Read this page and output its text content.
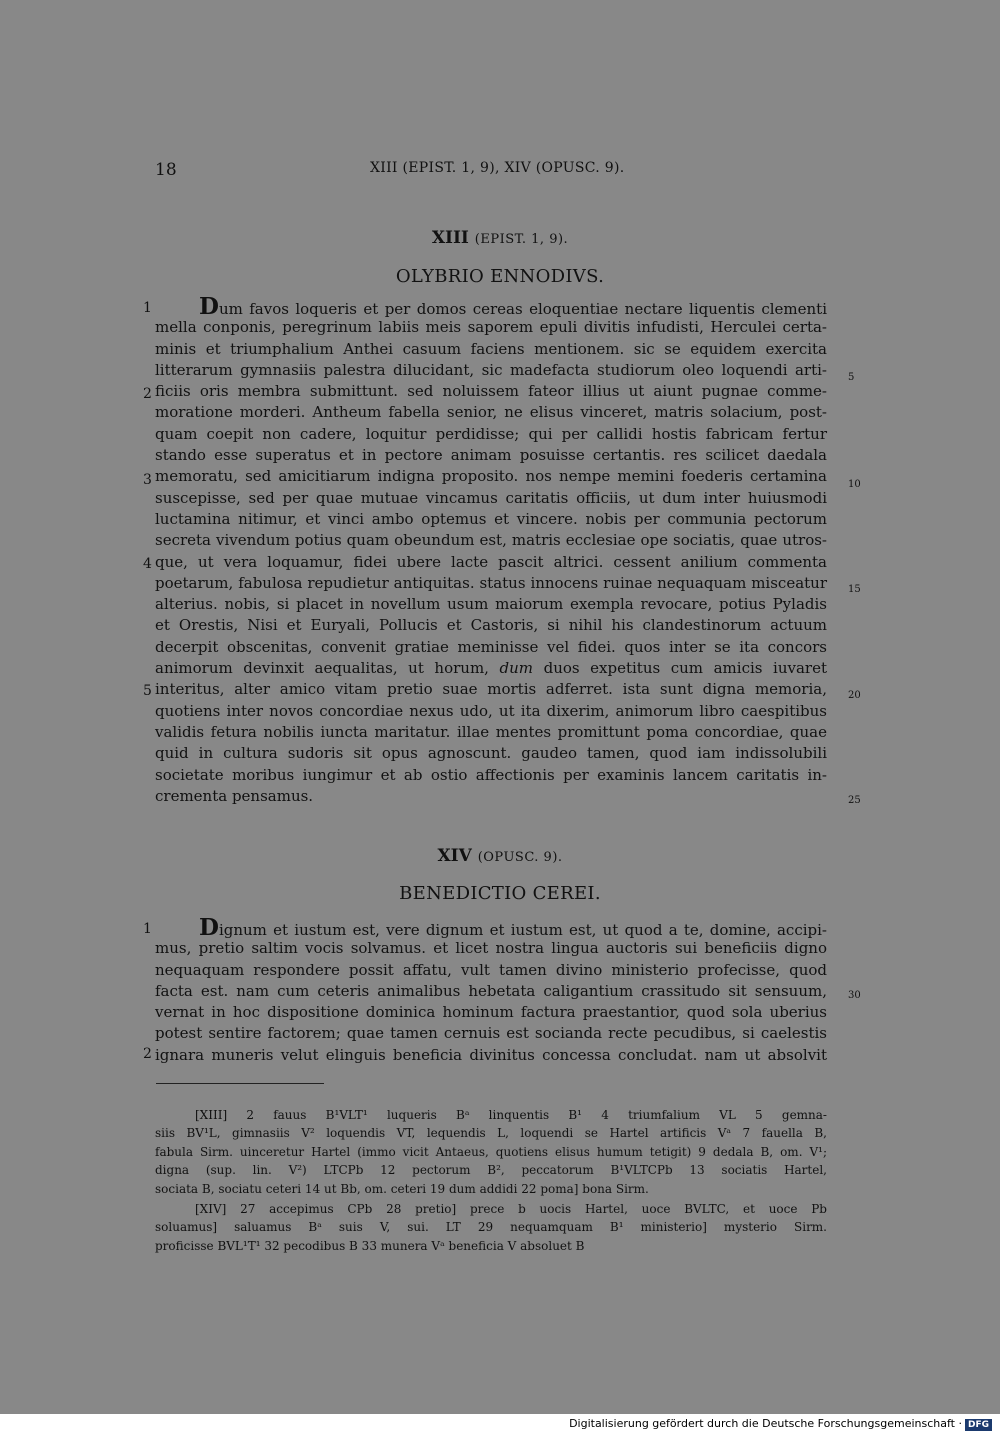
18	XIII (EPIST. 1, 9), XIV (OPUSC. 9).
XIII (EPIST. 1, 9).
OLYBRIO ENNODIVS.
1
2
3
4
5
5
10
15
20
25
Dum favos loqueris et per domos cereas eloquentiae nectare liquentis clementi
mella conponis, peregrinum labiis meis saporem epuli divitis infudisti, Herculei certa-
minis et triumphalium Anthei casuum faciens mentionem. sic se equidem exercita
litterarum gymnasiis palestra dilucidant, sic madefacta studiorum oleo loquendi arti-
ficiis oris membra submittunt. sed noluissem fateor illius ut aiunt pugnae comme-
moratione morderi. Antheum fabella senior, ne elisus vinceret, matris solacium, post-
quam coepit non cadere, loquitur perdidisse; qui per callidi hostis fabricam fertur
stando esse superatus et in pectore animam posuisse certantis. res scilicet daedala
memoratu, sed amicitiarum indigna proposito. nos nempe memini foederis certamina
suscepisse, sed per quae mutuae vincamus caritatis officiis, ut dum inter huiusmodi
luctamina nitimur, et vinci ambo optemus et vincere. nobis per communia pectorum
secreta vivendum potius quam obeundum est, matris ecclesiae ope sociatis, quae utros-
que, ut vera loquamur, fidei ubere lacte pascit altrici. cessent anilium commenta
poetarum, fabulosa repudietur antiquitas. status innocens ruinae nequaquam misceatur
alterius. nobis, si placet in novellum usum maiorum exempla revocare, potius Pyladis
et Orestis, Nisi et Euryali, Pollucis et Castoris, si nihil his clandestinorum actuum
decerpit obscenitas, convenit gratiae meminisse vel fidei. quos inter se ita concors
animorum devinxit aequalitas, ut horum, dum duos expetitus cum amicis iuvaret
interitus, alter amico vitam pretio suae mortis adferret. ista sunt digna memoria,
quotiens inter novos concordiae nexus udo, ut ita dixerim, animorum libro caespitibus
validis fetura nobilis iuncta maritatur. illae mentes promittunt poma concordiae, quae
quid in cultura sudoris sit opus agnoscunt. gaudeo tamen, quod iam indissolubili
societate moribus iungimur et ab ostio affectionis per examinis lancem caritatis in-
crementa pensamus.
XIV (OPUSC. 9).
BENEDICTIO CEREI.
1
2
30
Dignum et iustum est, vere dignum et iustum est, ut quod a te, domine, accipi-
mus, pretio saltim vocis solvamus. et licet nostra lingua auctoris sui beneficiis digno
nequaquam respondere possit affatu, vult tamen divino ministerio profecisse, quod
facta est. nam cum ceteris animalibus hebetata caligantium crassitudo sit sensuum,
vernat in hoc dispositione dominica hominum factura praestantior, quod sola uberius
potest sentire factorem; quae tamen cernuis est socianda recte pecudibus, si caelestis
ignara muneris velut elinguis beneficia divinitus concessa concludat. nam ut absolvit
[XIII] 2 fauus B¹VLT¹ luqueris Bᵃ linquentis B¹ 4 triumfalium VL 5 gemna-
siis BV¹L, gimnasiis V² loquendis VT, lequendis L, loquendi se Hartel artificis Vᵃ 7 fauella B,
fabula Sirm. uinceretur Hartel (immo vicit Antaeus, quotiens elisus humum tetigit) 9 dedala B, om. V¹;
digna (sup. lin. V²) LTCPb 12 pectorum B², peccatorum B¹VLTCPb 13 sociatis Hartel,
sociata B, sociatu ceteri 14 ut Bb, om. ceteri 19 dum addidi 22 poma] bona Sirm.
[XIV] 27 accepimus CPb 28 pretio] prece b uocis Hartel, uoce BVLTC, et uoce Pb
soluamus] saluamus Bᵃ suis V, sui. LT 29 nequamquam B¹ ministerio] mysterio Sirm.
proficisse BVL¹T¹ 32 pecodibus B 33 munera Vᵃ beneficia V absoluet B
Digitalisierung gefördert durch die Deutsche Forschungsgemeinschaft · DFG
